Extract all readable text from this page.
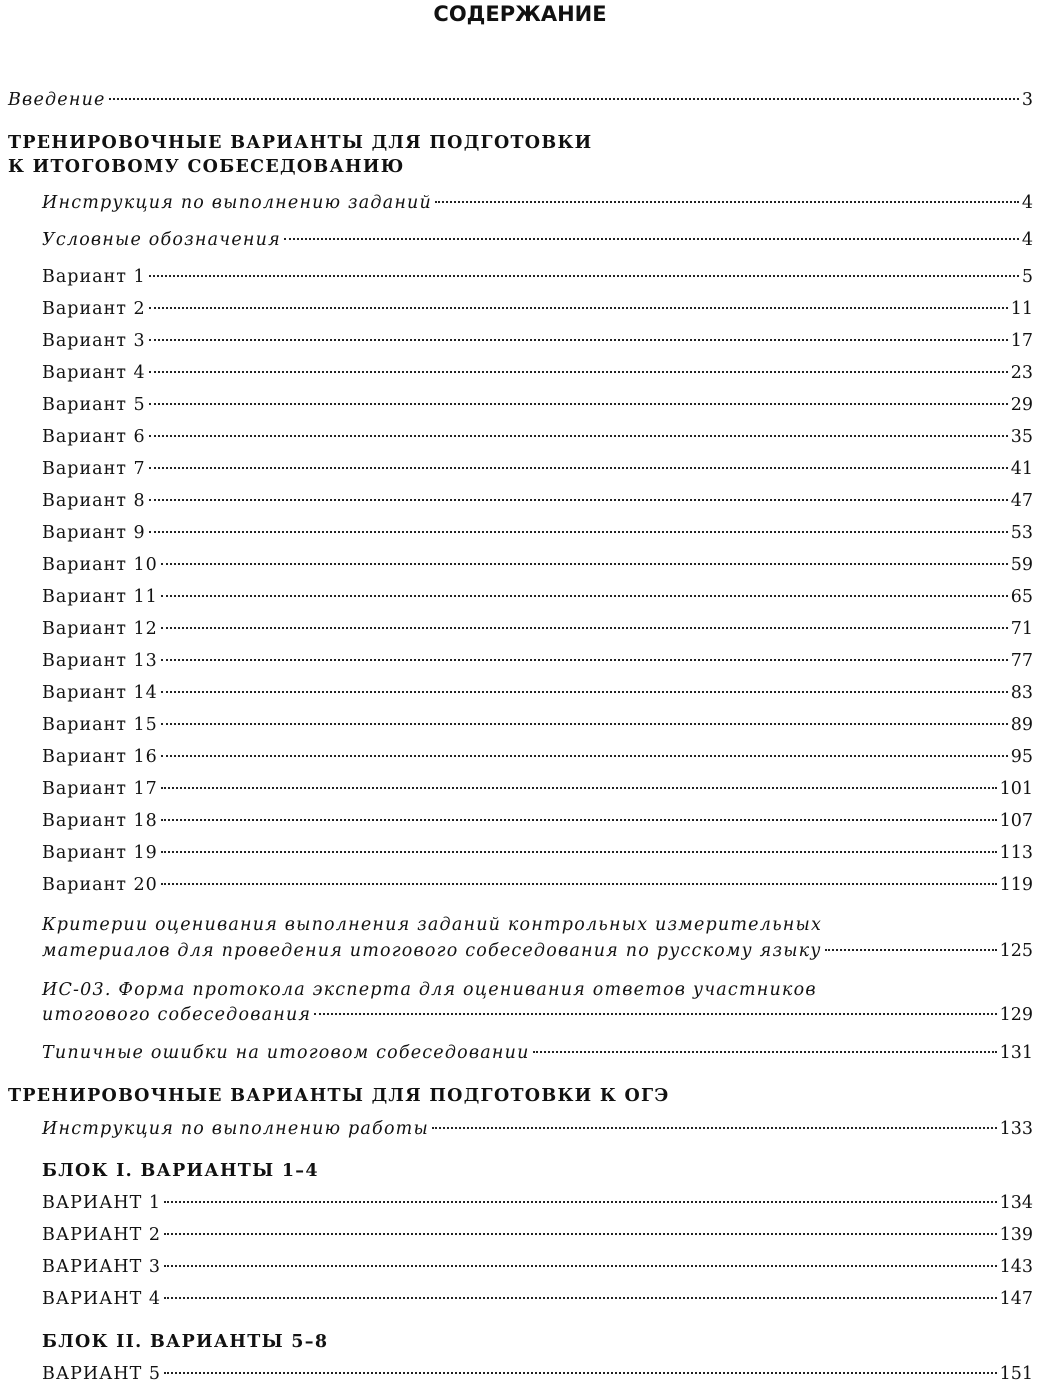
СОДЕРЖАНИЕ
Введение	3
ТРЕНИРОВОЧНЫЕ ВАРИАНТЫ ДЛЯ ПОДГОТОВКИ
К ИТОГОВОМУ СОБЕСЕДОВАНИЮ
Инструкция по выполнению заданий	4
Условные обозначения	4
Вариант 1	5
Вариант 2	11
Вариант 3	17
Вариант 4	23
Вариант 5	29
Вариант 6	35
Вариант 7	41
Вариант 8	47
Вариант 9	53
Вариант 10	59
Вариант 11	65
Вариант 12	71
Вариант 13	77
Вариант 14	83
Вариант 15	89
Вариант 16	95
Вариант 17	101
Вариант 18	107
Вариант 19	113
Вариант 20	119
Критерии оценивания выполнения заданий контрольных измерительных
материалов для проведения итогового собеседования по русскому языку	125
ИС-03. Форма протокола эксперта для оценивания ответов участников
итогового собеседования	129
Типичные ошибки на итоговом собеседовании	131
ТРЕНИРОВОЧНЫЕ ВАРИАНТЫ ДЛЯ ПОДГОТОВКИ К ОГЭ
Инструкция по выполнению работы	133
БЛОК I. ВАРИАНТЫ 1–4
ВАРИАНТ 1	134
ВАРИАНТ 2	139
ВАРИАНТ 3	143
ВАРИАНТ 4	147
БЛОК II. ВАРИАНТЫ 5–8
ВАРИАНТ 5	151
